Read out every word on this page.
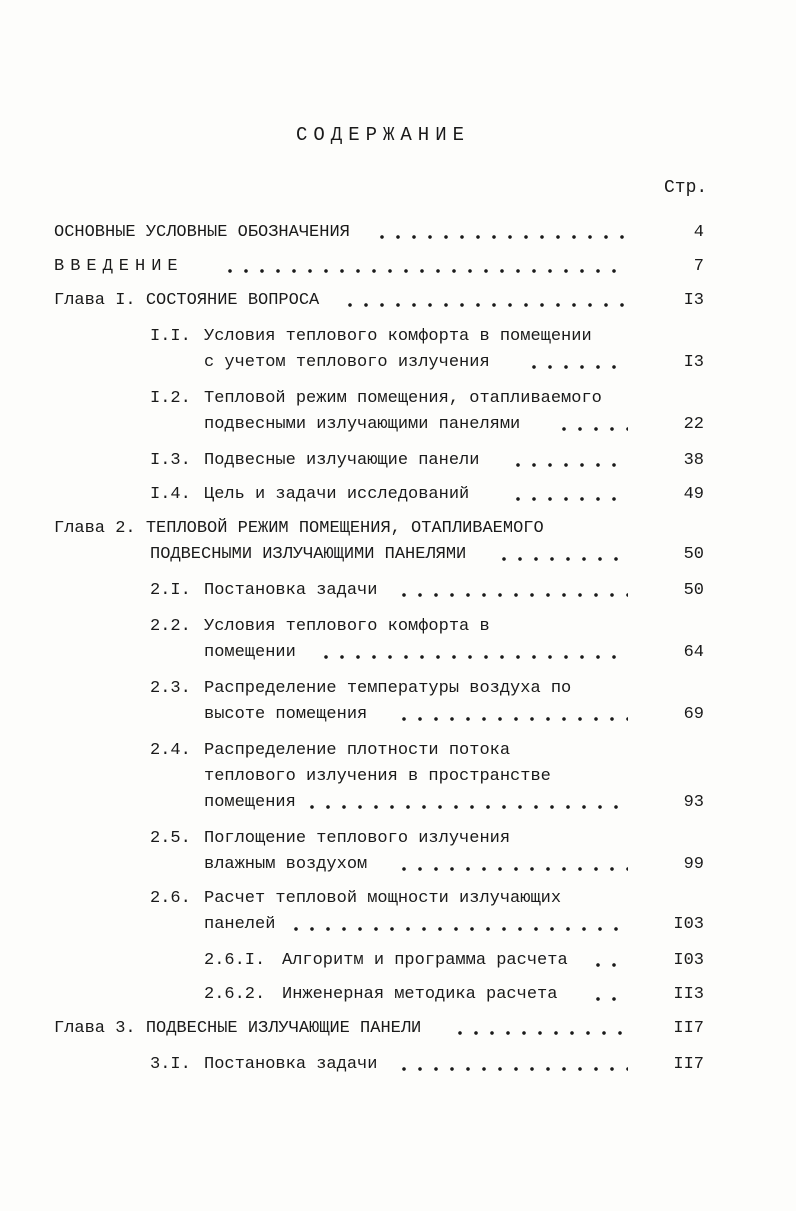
СОДЕРЖАНИЕ
Стр.
ОСНОВНЫЕ УСЛОВНЫЕ ОБОЗНАЧЕНИЯ	4
ВВЕДЕНИЕ	7
Глава I. СОСТОЯНИЕ ВОПРОСА	I3
I.I. Условия теплового комфорта в помещении
с учетом теплового излучения	I3
I.2. Тепловой режим помещения, отапливаемого
подвесными излучающими панелями	22
I.3. Подвесные излучающие панели	38
I.4. Цель и задачи исследований	49
Глава 2. ТЕПЛОВОЙ РЕЖИМ ПОМЕЩЕНИЯ, ОТАПЛИВАЕМОГО
ПОДВЕСНЫМИ ИЗЛУЧАЮЩИМИ ПАНЕЛЯМИ	50
2.I. Постановка задачи	50
2.2. Условия теплового комфорта в
помещении	64
2.3. Распределение температуры воздуха по
высоте помещения	69
2.4. Распределение плотности потока
теплового излучения в пространстве
помещения	93
2.5. Поглощение теплового излучения
влажным воздухом	99
2.6. Расчет тепловой мощности излучающих
панелей	I03
2.6.I. Алгоритм и программа расчета	I03
2.6.2. Инженерная методика расчета	II3
Глава 3. ПОДВЕСНЫЕ ИЗЛУЧАЮЩИЕ ПАНЕЛИ	II7
3.I. Постановка задачи	II7
